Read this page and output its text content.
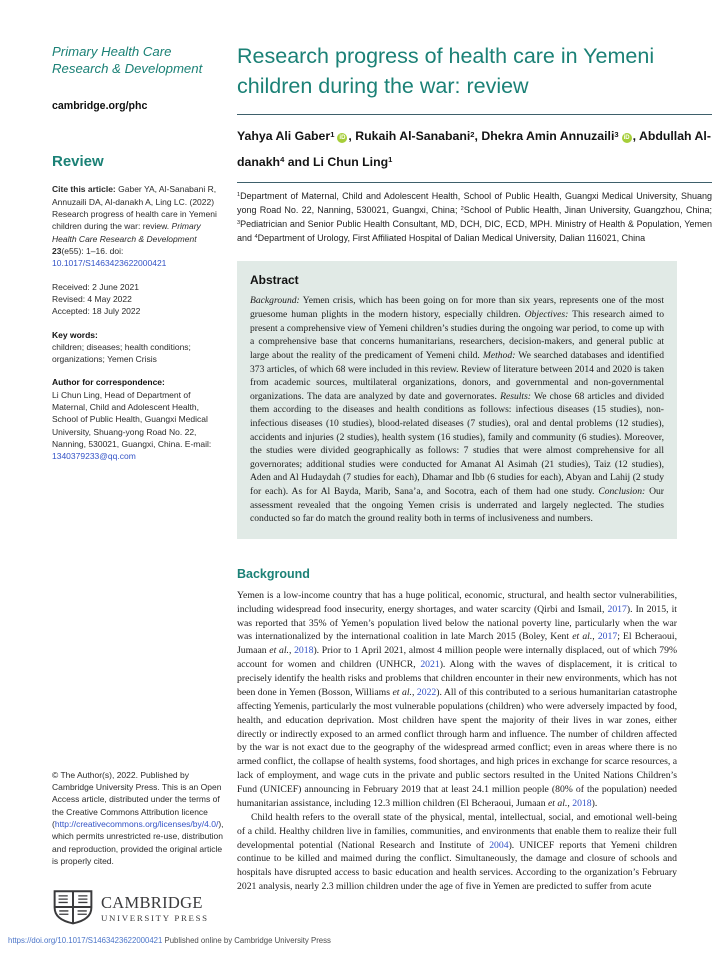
Primary Health Care
Research & Development
cambridge.org/phc
Review
Cite this article: Gaber YA, Al-Sanabani R, Annuzaili DA, Al-danakh A, Ling LC. (2022) Research progress of health care in Yemeni children during the war: review. Primary Health Care Research & Development 23(e55): 1–16. doi: 10.1017/S1463423622000421
Received: 2 June 2021
Revised: 4 May 2022
Accepted: 18 July 2022
Key words:
children; diseases; health conditions; organizations; Yemen Crisis
Author for correspondence:
Li Chun Ling, Head of Department of Maternal, Child and Adolescent Health, School of Public Health, Guangxi Medical University, Shuang-yong Road No. 22, Nanning, 530021, Guangxi, China. E-mail: 1340379233@qq.com
© The Author(s), 2022. Published by Cambridge University Press. This is an Open Access article, distributed under the terms of the Creative Commons Attribution licence (http://creativecommons.org/licenses/by/4.0/), which permits unrestricted re-use, distribution and reproduction, provided the original article is properly cited.
CAMBRIDGE
UNIVERSITY PRESS
Research progress of health care in Yemeni children during the war: review
Yahya Ali Gaber$^1$ iD , Rukaih Al-Sanabani$^2$, Dhekra Amin Annuzaili$^3$ iD , Abdullah Al-danakh$^4$ and Li Chun Ling$^1$
$^1$Department of Maternal, Child and Adolescent Health, School of Public Health, Guangxi Medical University, Shuang yong Road No. 22, Nanning, 530021, Guangxi, China; $^2$School of Public Health, Jinan University, Guangzhou, China; $^3$Pediatrician and Senior Public Health Consultant, MD, DCH, DIC, ECD, MPH. Ministry of Health & Population, Yemen and $^4$Department of Urology, First Affiliated Hospital of Dalian Medical University, Dalian 116021, China
Abstract
Background: Yemen crisis, which has been going on for more than six years, represents one of the most gruesome human plights in the modern history, especially children. Objectives: This research aimed to present a comprehensive view of Yemeni children’s studies during the ongoing war period, to come up with a comprehensive base that concerns humanitarians, researchers, decision-makers, and general public at large about the reality of the predicament of Yemeni child. Method: We searched databases and identified 373 articles, of which 68 were included in this review. Review of literature between 2014 and 2020 is taken from academic sources, multilateral organizations, donors, and governmental and non-governmental organizations. The data are analyzed by date and governorates. Results: We chose 68 articles and divided them according to the diseases and health conditions as follows: infectious diseases (15 studies), non-infectious diseases (10 studies), blood-related diseases (7 studies), oral and dental problems (12 studies), accidents and injuries (2 studies), health system (16 studies), family and community (6 studies). Moreover, the studies were divided geographically as follows: 7 studies that were almost comprehensive for all governorates; additional studies were conducted for Amanat Al Asimah (21 studies), Taiz (12 studies), Aden and Al Hudaydah (7 studies for each), Dhamar and Ibb (6 studies for each), Abyan and Lahij (2 study for each). As for Al Bayda, Marib, Sana’a, and Socotra, each of them had one study. Conclusion: Our assessment revealed that the ongoing Yemen crisis is underrated and largely neglected. The studies conducted so far do match the ground reality both in terms of inclusiveness and numbers.
Background
Yemen is a low-income country that has a huge political, economic, structural, and health sector vulnerabilities, including widespread food insecurity, energy shortages, and water scarcity (Qirbi and Ismail, 2017). In 2015, it was reported that 35% of Yemen’s population lived below the national poverty line, particularly when the war was internationalized by the international coalition in late March 2015 (Boley, Kent et al., 2017; El Bcheraoui, Jumaan et al., 2018). Prior to 1 April 2021, almost 4 million people were internally displaced, out of which 79% account for women and children (UNHCR, 2021). Along with the waves of displacement, it is critical to precisely identify the health risks and problems that children encounter in their new environments, which has not been done in Yemen (Bosson, Williams et al., 2022). All of this contributed to a serious humanitarian catastrophe affecting Yemenis, particularly the most vulnerable populations (children) who were adversely impacted by food, health, and education deprivation. Most children have spent the majority of their lives in war zones, either directly or indirectly exposed to an armed conflict through harm and influence. The number of children affected by the war is not exact due to the geography of the widespread armed conflict; even in areas where there is no armed conflict, the collapse of health systems, food shortages, and high prices in exchange for scarce resources, a lack of employment, and wage cuts in the private and public sectors resulted in the United Nations Children’s Fund (UNICEF) announcing in February 2019 that at least 24.1 million people (80% of the population) needed humanitarian assistance, including 12.3 million children (El Bcheraoui, Jumaan et al., 2018).
Child health refers to the overall state of the physical, mental, intellectual, social, and emotional well-being of a child. Healthy children live in families, communities, and environments that enable them to realize their full developmental potential (National Research and Institute of 2004). UNICEF reports that Yemeni children continue to be killed and maimed during the conflict. Simultaneously, the damage and closure of schools and hospitals have disrupted access to basic education and health services. According to the organization’s February 2021 analysis, nearly 2.3 million children under the age of five in Yemen are predicted to suffer from acute
https://doi.org/10.1017/S1463423622000421 Published online by Cambridge University Press
